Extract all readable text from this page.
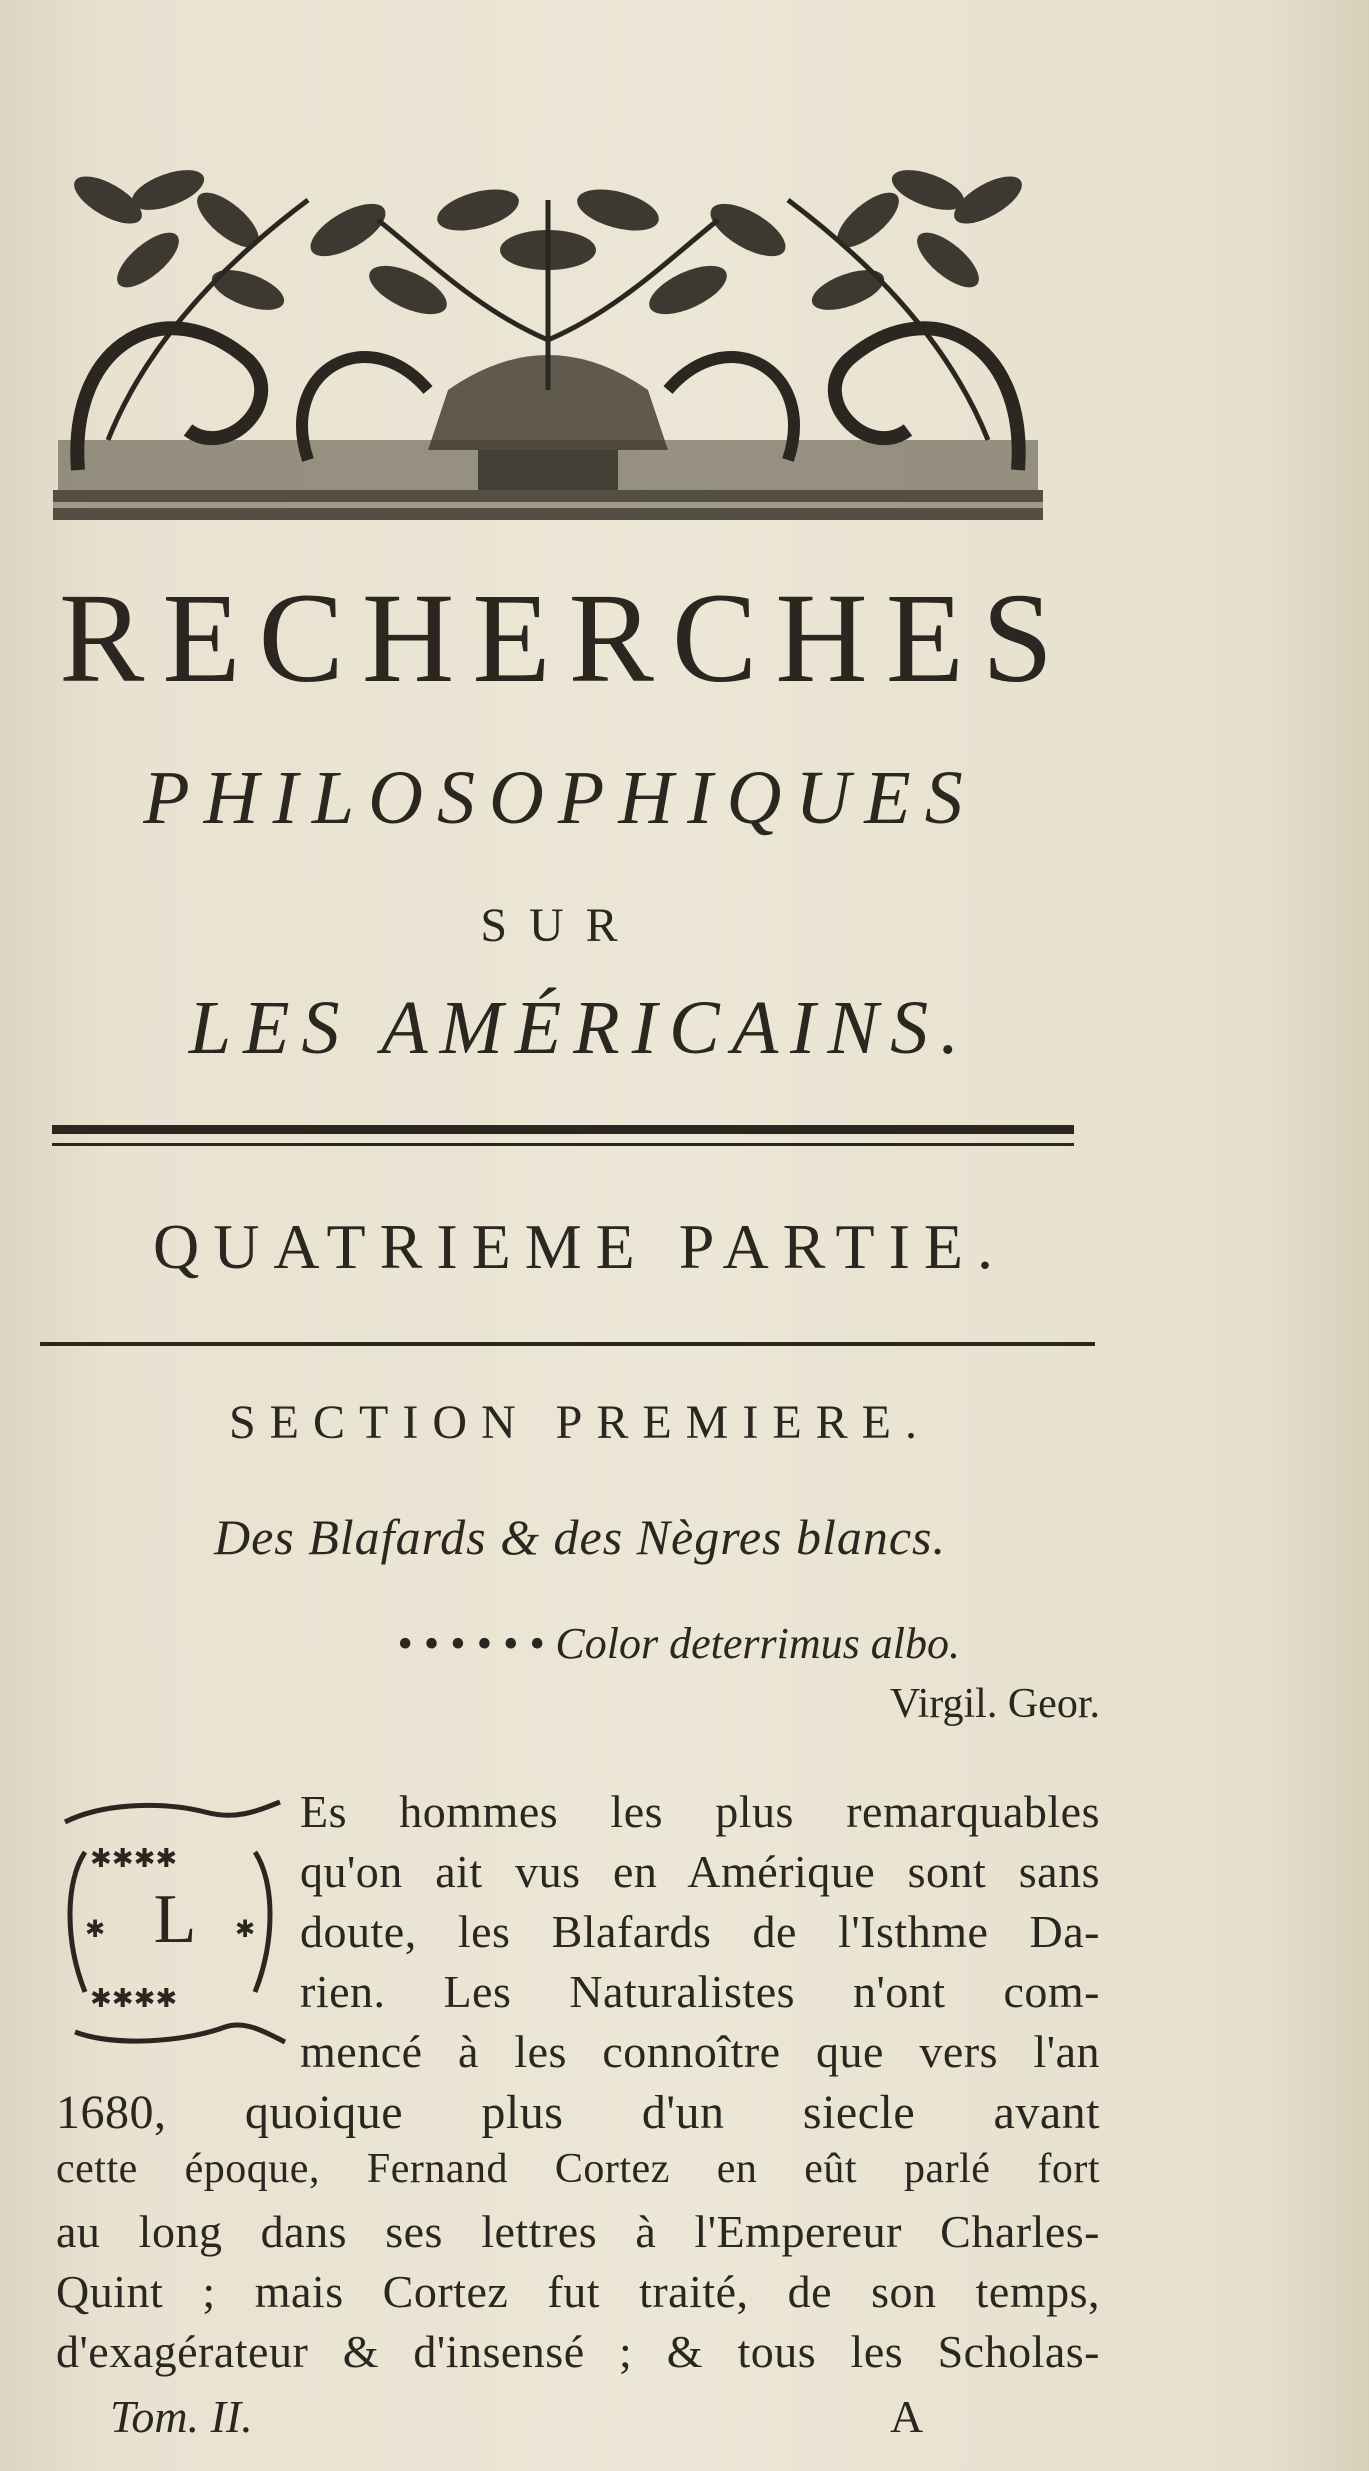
RECHERCHES
PHILOSOPHIQUES
SUR
LES AMÉRICAINS.
QUATRIEME PARTIE.
SECTION PREMIERE.
Des Blafards & des Nègres blancs.
• • • • • • Color deterrimus albo.
Virgil. Geor.
✱✱✱✱
✱✱✱✱
✱	✱
L
Es hommes les plus remarquables
qu'on ait vus en Amérique sont sans
doute, les Blafards de l'Isthme Da-
rien. Les Naturalistes n'ont com-
mencé à les connoître que vers l'an
1680, quoique plus d'un siecle avant
cette époque, Fernand Cortez en eût parlé fort
au long dans ses lettres à l'Empereur Charles-
Quint ; mais Cortez fut traité, de son temps,
d'exagérateur & d'insensé ; & tous les Scholas-
Tom. II.	A
